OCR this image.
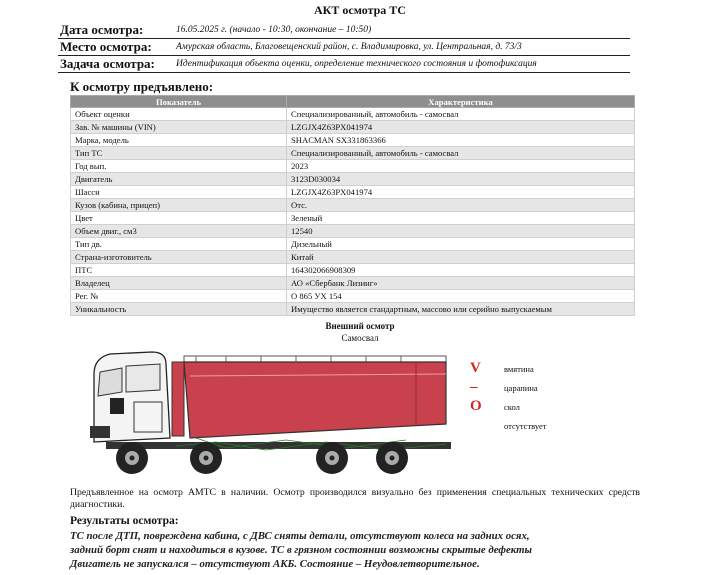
АКТ осмотра ТС
Дата осмотра:	16.05.2025 г. (начало - 10:30, окончание – 10:50)
Место осмотра:	Амурская область, Благовещенский район, с. Владимировка, ул. Центральная, д. 73/3
Задача осмотра: Идентификация объекта оценки, определение технического состояния и фотофиксация
К осмотру предъявлено:
Показатель	Характеристика
Объект оценки	Специализированный, автомобиль - самосвал
Зав. № машины (VIN)	LZGJX4Z63PX041974
Марка, модель	SHACMAN SX331863366
Тип ТС	Специализированный, автомобиль - самосвал
Год вып.	2023
Двигатель	3123D030034
Шасси	LZGJX4Z63PX041974
Кузов (кабина, прицеп)	Отс.
Цвет	Зеленый
Объем двиг., см3	12540
Тип дв.	Дизельный
Страна-изготовитель	Китай
ПТС	164302066908309
Владелец	АО «Сбербанк Лизинг»
Рег. №	О 865 УХ 154
Уникальность	Имущество является стандартным, массово или серийно выпускаемым
Внешний осмотр
Самосвал
V	вмятина
–	царапина
O	скол
отсутствует
Предъявленное на осмотр АМТС в наличии. Осмотр производился визуально без применения специальных технических средств диагностики.
Результаты осмотра:
ТС после ДТП, повреждена кабина, с ДВС сняты детали, отсутствуют колеса на задних осях,
задний борт снят и находиться в кузове. ТС в грязном состоянии возможны скрытые дефекты
Двигатель не запускался – отсутствуют АКБ. Состояние – Неудовлетворительное.
